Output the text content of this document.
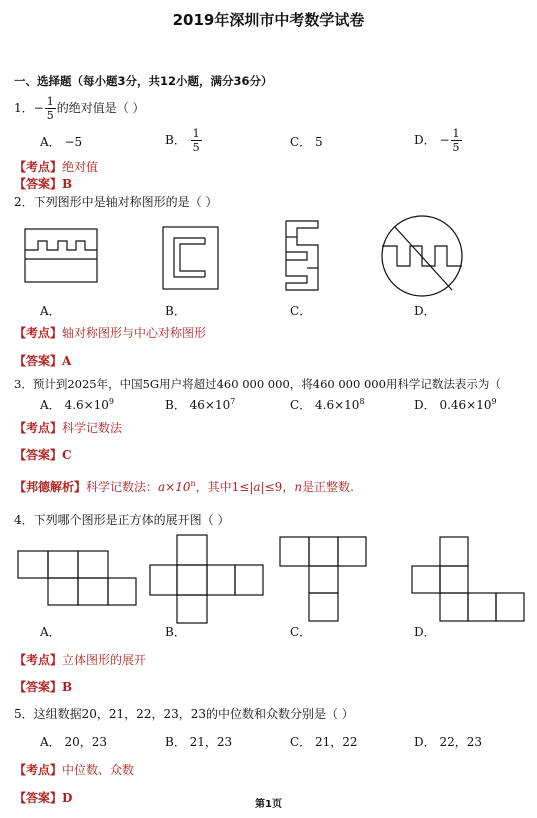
2019年深圳市中考数学试卷
一、选择题（每小题3分，共12小题，满分36分）
1．− $\frac{1}{5}$ 的绝对值是（ ）
A． −5	B． $\frac{1}{5}$	C． 5	D． − $\frac{1}{5}$
【考点】绝对值
【答案】B
2．下列图形中是轴对称图形的是（ ）
A．	B．	C．	D．
【考点】轴对称图形与中心对称图形
【答案】A
3．预计到2025年，中国5G用户将超过460 000 000，将460 000 000用科学记数法表示为（
A． $4.6\times 10^9$	B． $46\times 10^7$	C． $4.6\times 10^8$	D． $0.46\times 10^9$
【考点】科学记数法
【答案】C
【邦德解析】科学记数法：$a\times 10^n$，其中1≤|a|≤9，n是正整数.
4．下列哪个图形是正方体的展开图（ ）
A．	B．	C．	D．
【考点】立体图形的展开
【答案】B
5．这组数据20，21，22，23，23的中位数和众数分别是（ ）
A． 20，23	B． 21，23	C． 21，22	D． 22，23
【考点】中位数、众数
【答案】D	第1页
